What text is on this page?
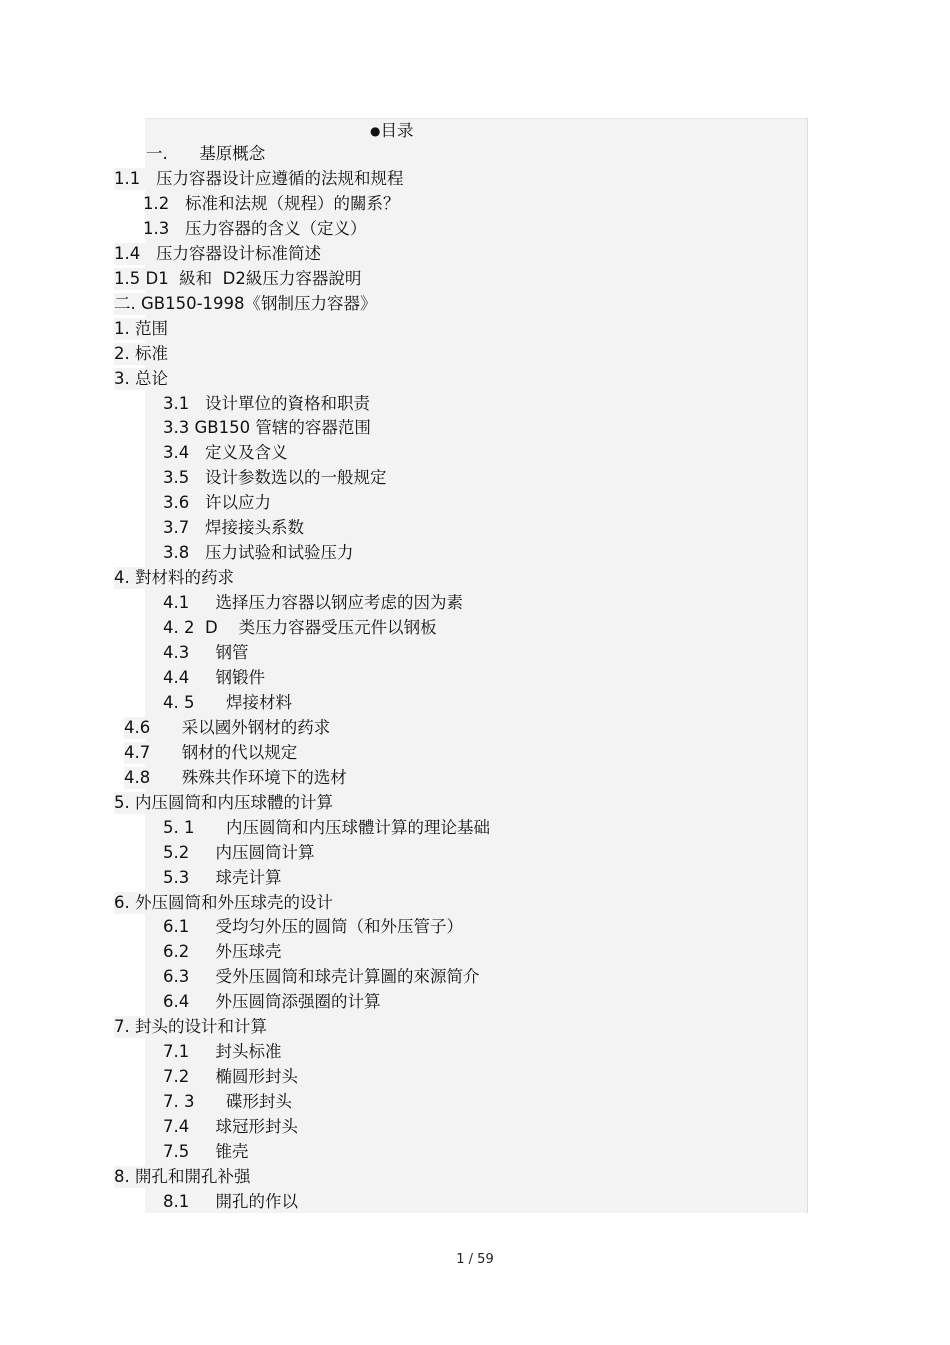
●目录
一.      基原概念
1.1   压力容器设计应遵循的法规和规程
1.2   标准和法规（规程）的關系？
1.3   压力容器的含义（定义）
1.4   压力容器设计标准简述
1.5 D1  級和  D2級压力容器說明
二. GB150-1998《钢制压力容器》
1. 范围
2. 标准
3. 总论
3.1   设计單位的資格和职责
3.3 GB150 管辖的容器范围
3.4   定义及含义
3.5   设计参数选以的一般规定
3.6   许以应力
3.7   焊接接头系数
3.8   压力试验和试验压力
4. 對材料的药求
4.1     选择压力容器以钢应考虑的因为素
4. 2  D    类压力容器受压元件以钢板
4.3     钢管
4.4     钢锻件
4. 5      焊接材料
4.6      采以國外钢材的药求
4.7      钢材的代以规定
4.8      殊殊共作环境下的选材
5. 内压圆筒和内压球體的计算
5. 1      内压圆筒和内压球體计算的理论基础
5.2     内压圆筒计算
5.3     球壳计算
6. 外压圆筒和外压球壳的设计
6.1     受均匀外压的圆筒（和外压管子）
6.2     外压球壳
6.3     受外压圆筒和球壳计算圖的來源简介
6.4     外压圆筒添强圈的计算
7. 封头的设计和计算
7.1     封头标准
7.2     椭圆形封头
7. 3      碟形封头
7.4     球冠形封头
7.5     锥壳
8. 開孔和開孔补强
8.1     開孔的作以
1 / 59
